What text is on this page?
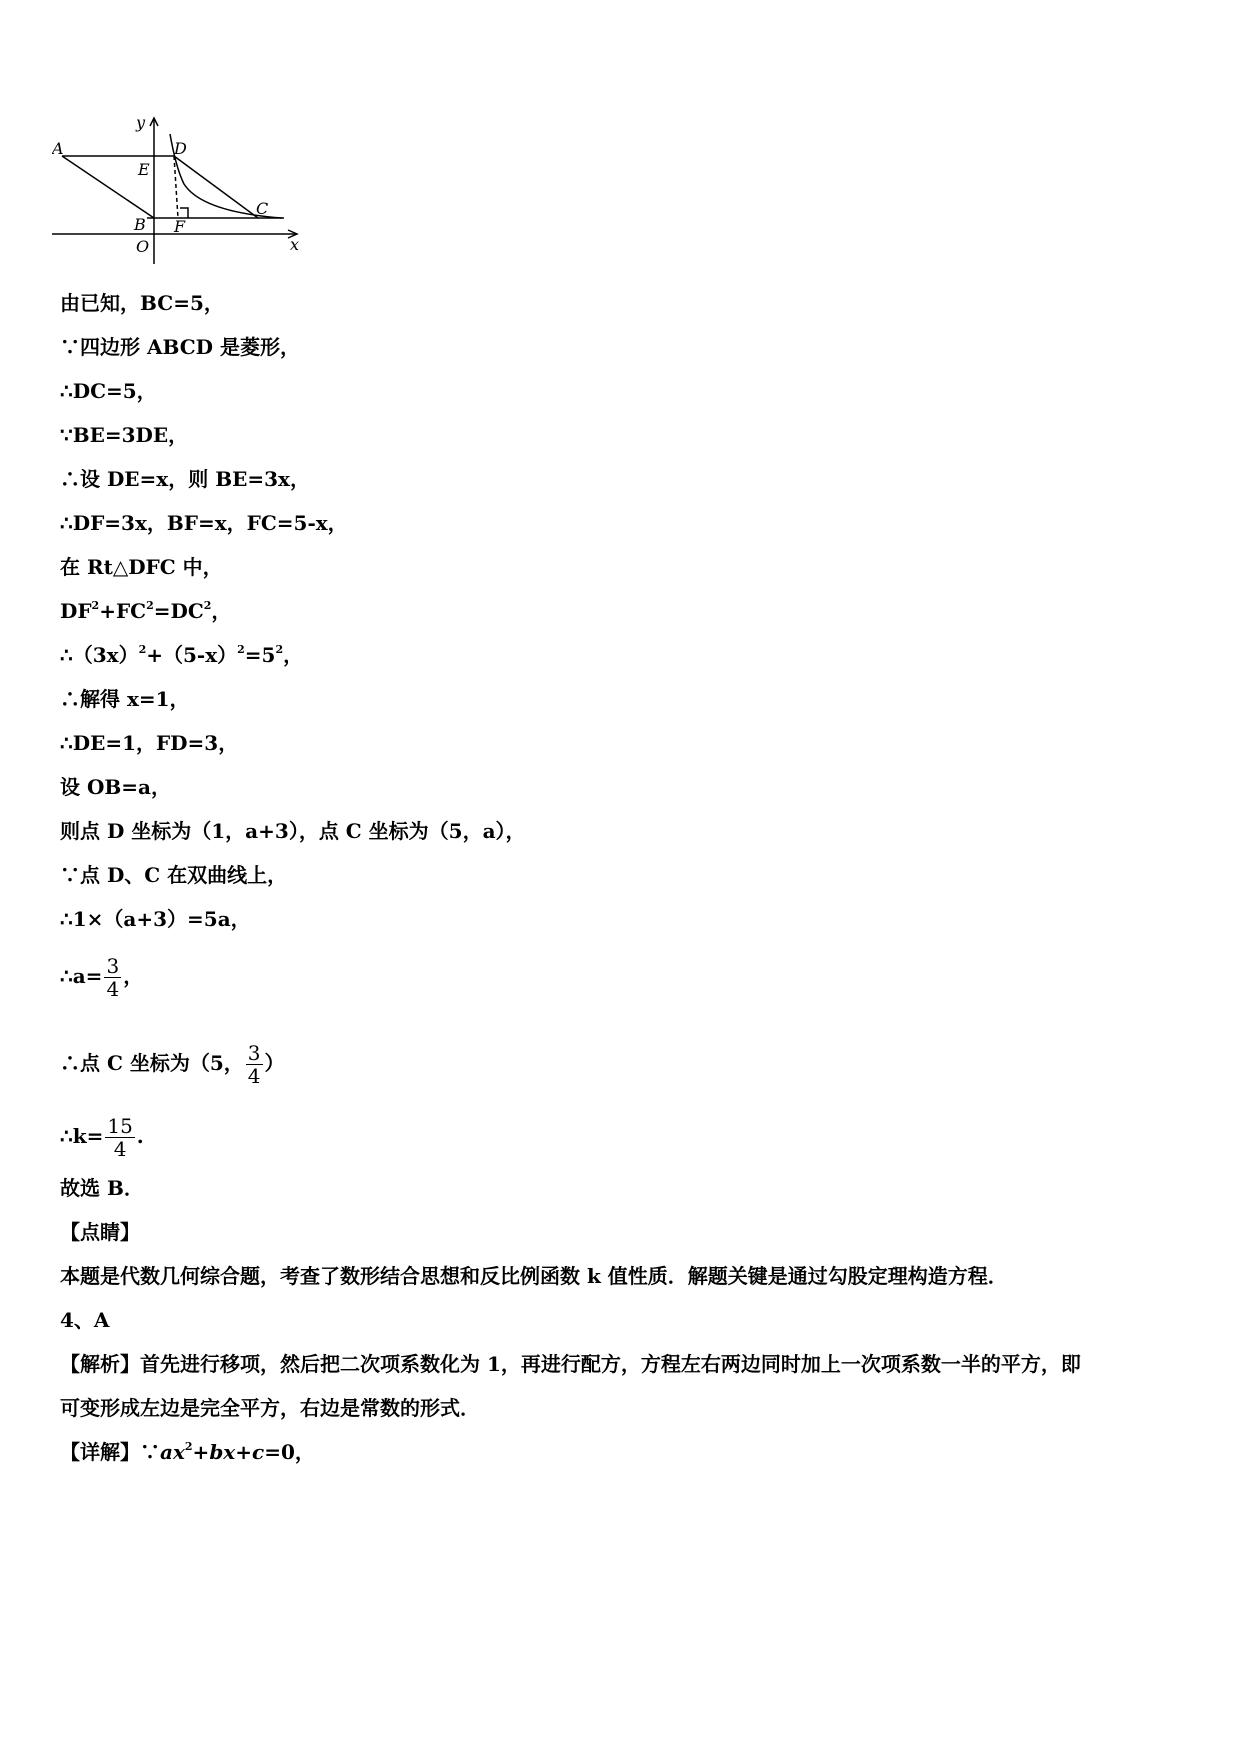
y
x
A	D
E
C
B F
O
由已知，BC=5，
∵四边形 ABCD 是菱形，
∴DC=5，
∵BE=3DE，
∴设 DE=x，则 BE=3x，
∴DF=3x，BF=x，FC=5-x，
在 Rt△DFC 中，
$DF^2+FC^2=DC^2$，
$\therefore(3x)^2+(5-x)^2=5^2$，
∴解得 x=1，
∴DE=1，FD=3，
设 OB=a，
则点 D 坐标为（1，a+3），点 C 坐标为（5，a），
∵点 D、C 在双曲线上，
∴1×（a+3）=5a，
∴a= $\frac{3}{4}$ ，
∴点 C 坐标为（5， $\frac{3}{4}$ ）
∴k= $\frac{15}{4}$ .
故选 B．
【点睛】
本题是代数几何综合题，考查了数形结合思想和反比例函数 k 值性质．解题关键是通过勾股定理构造方程．
4、A
【解析】首先进行移项，然后把二次项系数化为 1，再进行配方，方程左右两边同时加上一次项系数一半的平方，即
可变形成左边是完全平方，右边是常数的形式．
【详解】$\because ax^2+bx+c=0$，
